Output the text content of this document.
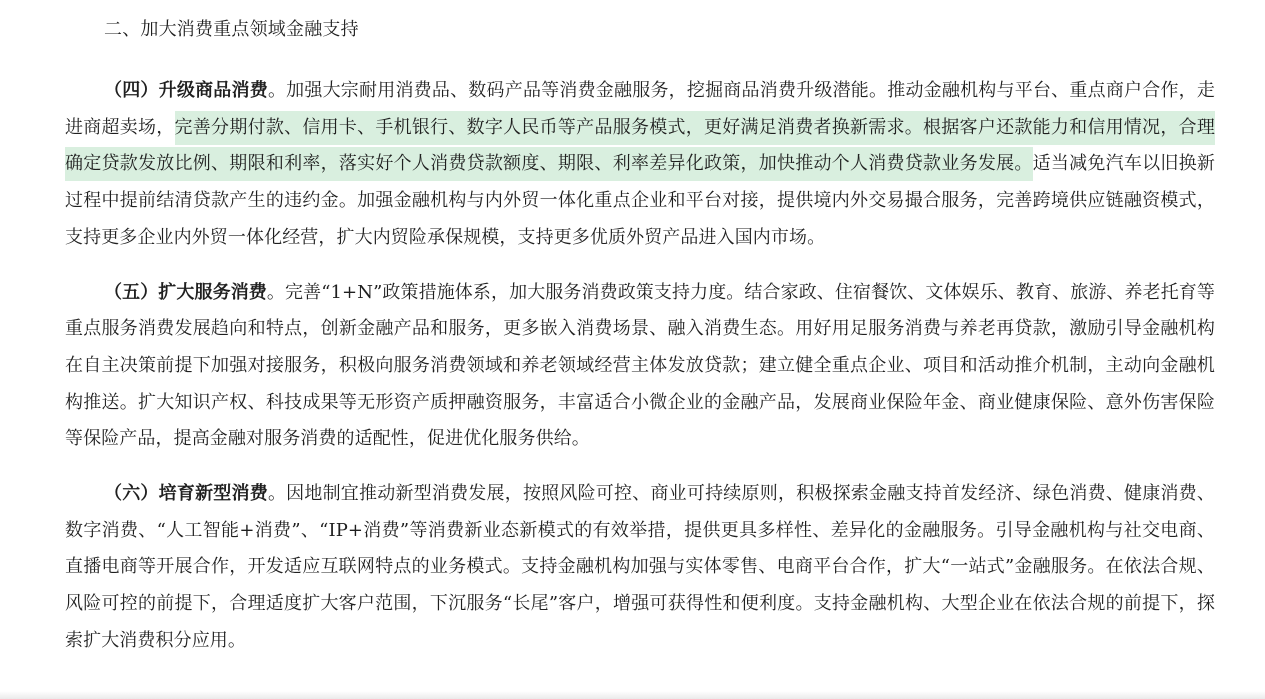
二、加大消费重点领域金融支持

（四）升级商品消费。加强大宗耐用消费品、数码产品等消费金融服务，挖掘商品消费升级潜能。推动金融机构与平台、重点商户合作，走进商超卖场，完善分期付款、信用卡、手机银行、数字人民币等产品服务模式，更好满足消费者换新需求。根据客户还款能力和信用情况，合理确定贷款发放比例、期限和利率，落实好个人消费贷款额度、期限、利率差异化政策，加快推动个人消费贷款业务发展。适当减免汽车以旧换新过程中提前结清贷款产生的违约金。加强金融机构与内外贸一体化重点企业和平台对接，提供境内外交易撮合服务，完善跨境供应链融资模式，支持更多企业内外贸一体化经营，扩大内贸险承保规模，支持更多优质外贸产品进入国内市场。

（五）扩大服务消费。完善“1+N”政策措施体系，加大服务消费政策支持力度。结合家政、住宿餐饮、文体娱乐、教育、旅游、养老托育等重点服务消费发展趋向和特点，创新金融产品和服务，更多嵌入消费场景、融入消费生态。用好用足服务消费与养老再贷款，激励引导金融机构在自主决策前提下加强对接服务，积极向服务消费领域和养老领域经营主体发放贷款；建立健全重点企业、项目和活动推介机制，主动向金融机构推送。扩大知识产权、科技成果等无形资产质押融资服务，丰富适合小微企业的金融产品，发展商业保险年金、商业健康保险、意外伤害保险等保险产品，提高金融对服务消费的适配性，促进优化服务供给。

（六）培育新型消费。因地制宜推动新型消费发展，按照风险可控、商业可持续原则，积极探索金融支持首发经济、绿色消费、健康消费、数字消费、“人工智能+消费”、“IP+消费”等消费新业态新模式的有效举措，提供更具多样性、差异化的金融服务。引导金融机构与社交电商、直播电商等开展合作，开发适应互联网特点的业务模式。支持金融机构加强与实体零售、电商平台合作，扩大“一站式”金融服务。在依法合规、风险可控的前提下，合理适度扩大客户范围，下沉服务“长尾”客户，增强可获得性和便利度。支持金融机构、大型企业在依法合规的前提下，探索扩大消费积分应用。
